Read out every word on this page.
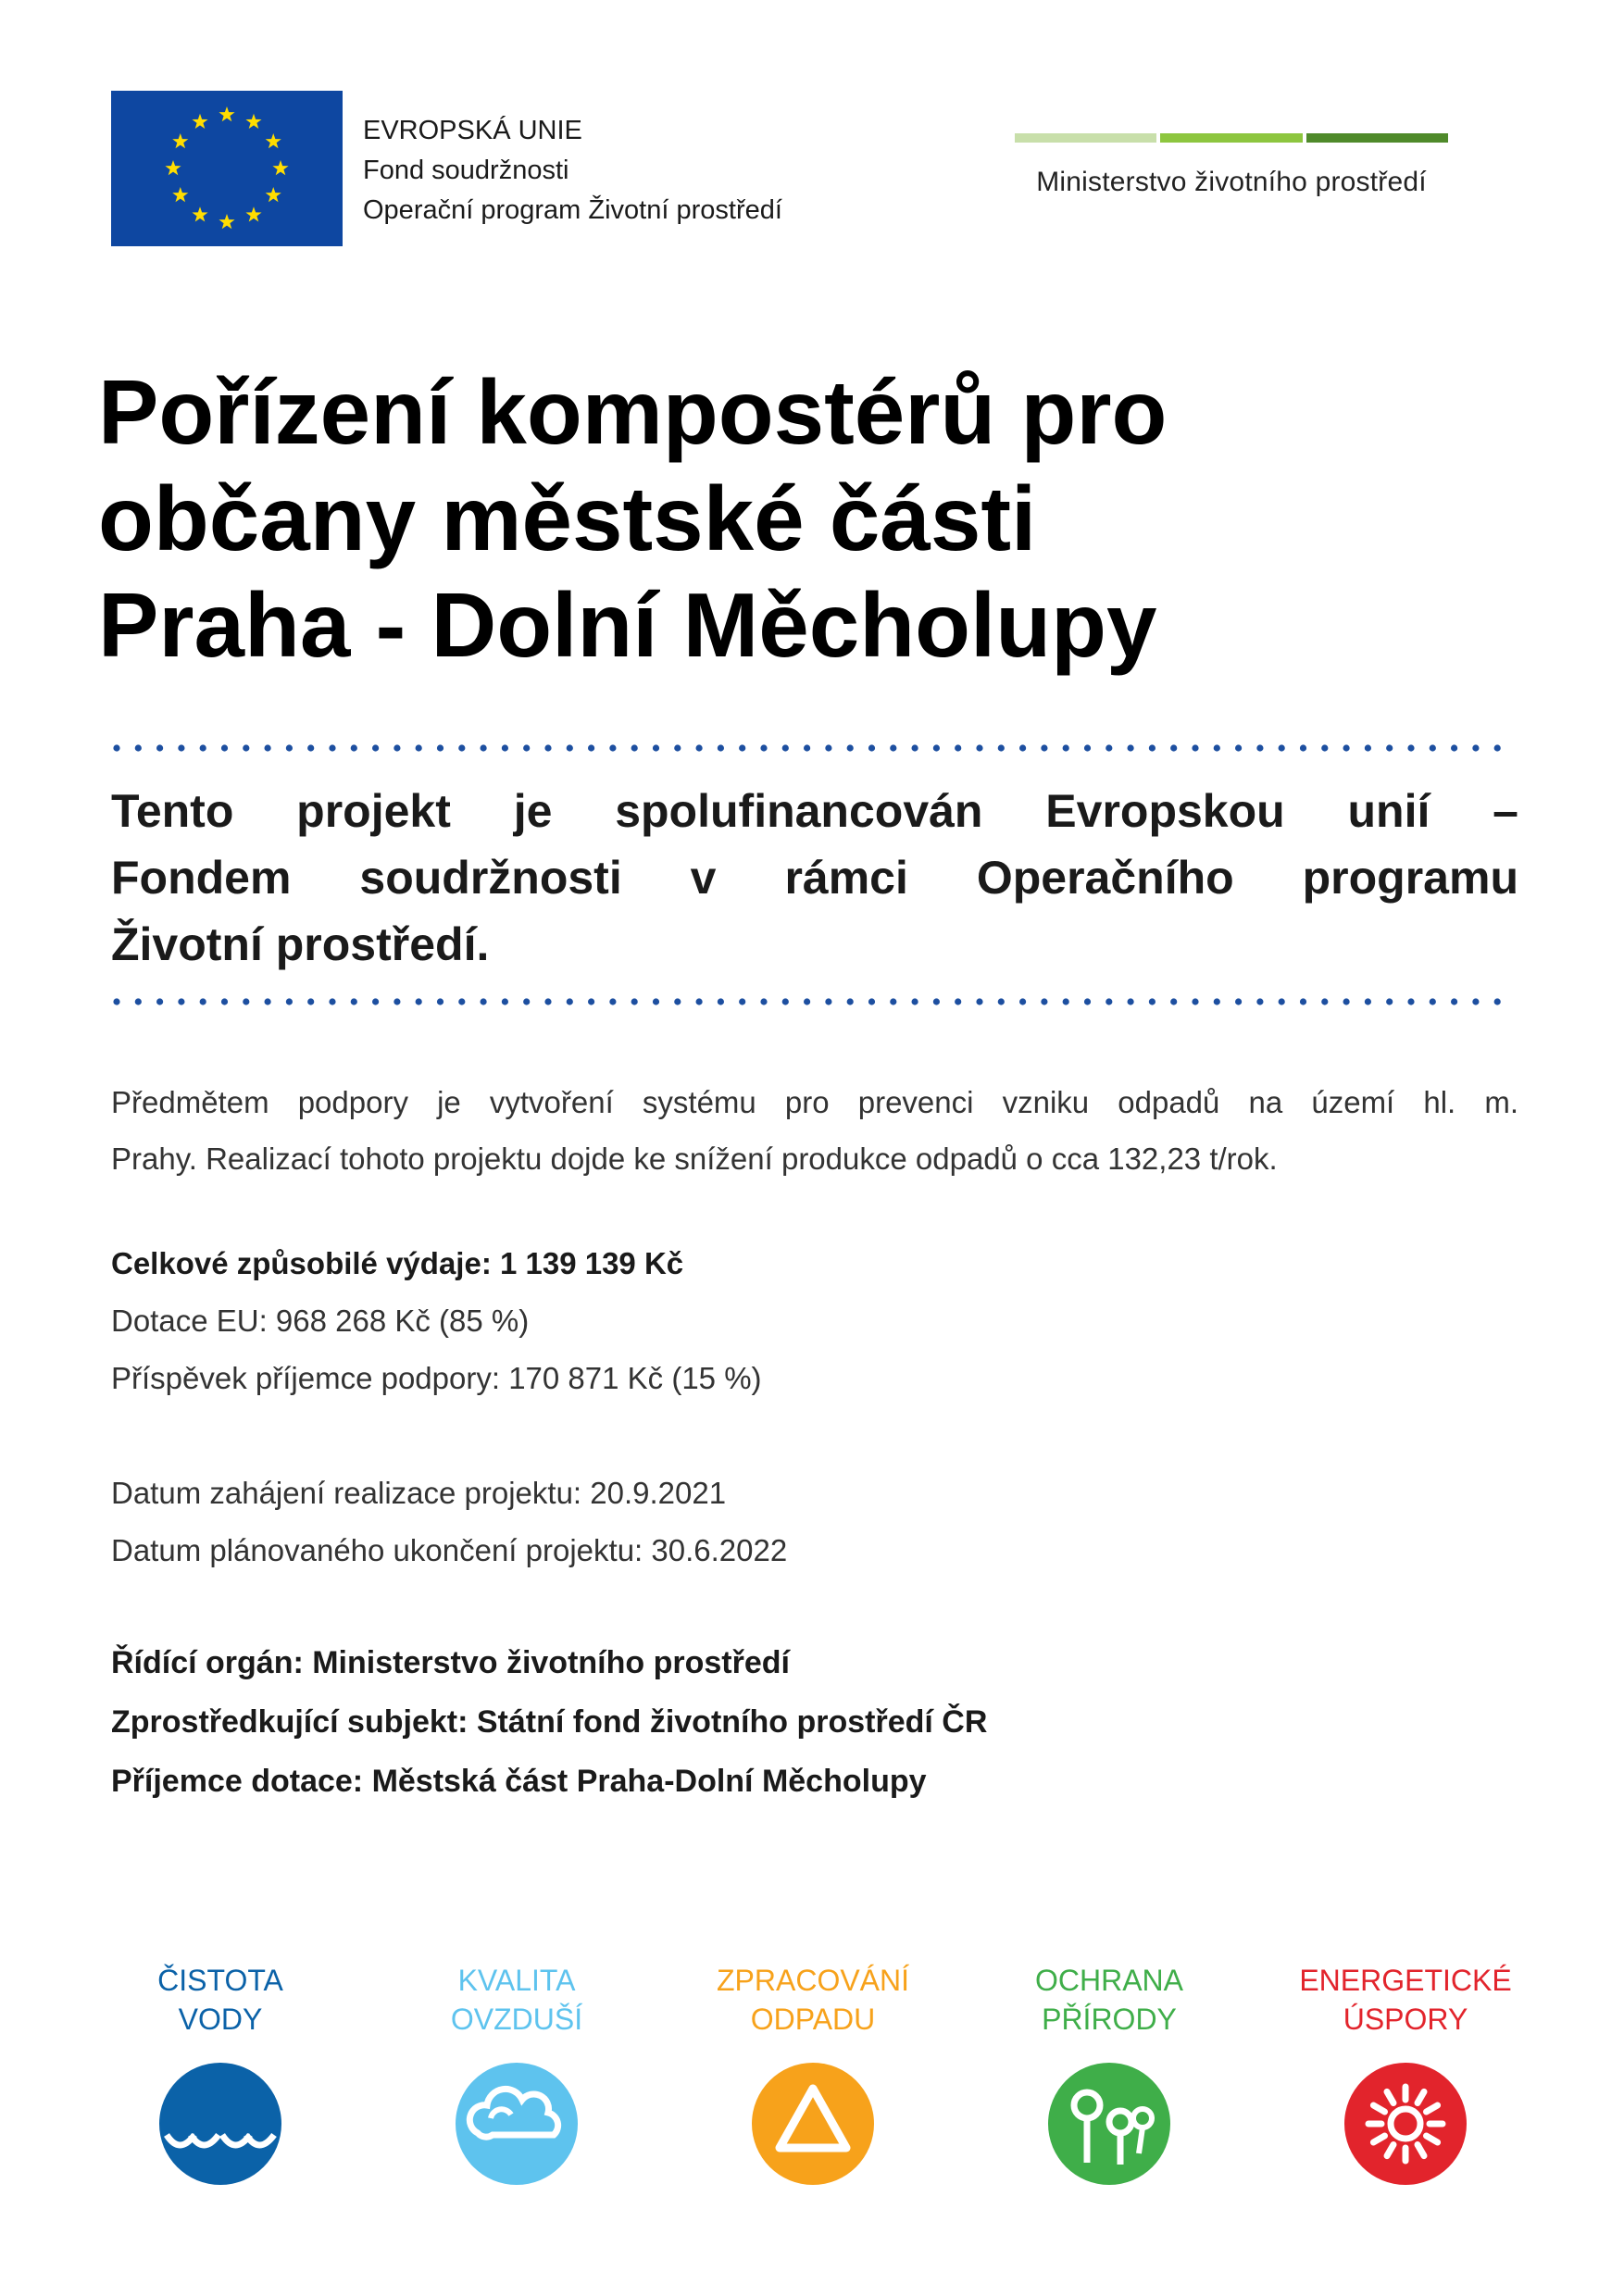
EVROPSKÁ UNIE
Fond soudržnosti
Operační program Životní prostředí
Ministerstvo životního prostředí
Pořízení kompostérů pro
občany městské části
Praha - Dolní Měcholupy
Tento projekt je spolufinancován Evropskou unií –
Fondem soudržnosti v rámci Operačního programu
Životní prostředí.
Předmětem podpory je vytvoření systému pro prevenci vzniku odpadů na území hl. m.
Prahy. Realizací tohoto projektu dojde ke snížení produkce odpadů o cca 132,23 t/rok.
Celkové způsobilé výdaje: 1 139 139 Kč
Dotace EU: 968 268 Kč (85 %)
Příspěvek příjemce podpory: 170 871 Kč (15 %)
Datum zahájení realizace projektu: 20.9.2021
Datum plánovaného ukončení projektu: 30.6.2022
Řídící orgán: Ministerstvo životního prostředí
Zprostředkující subjekt: Státní fond životního prostředí ČR
Příjemce dotace: Městská část Praha-Dolní Měcholupy
ČISTOTA
VODY
KVALITA
OVZDUŠÍ
ZPRACOVÁNÍ
ODPADU
OCHRANA
PŘÍRODY
ENERGETICKÉ
ÚSPORY
